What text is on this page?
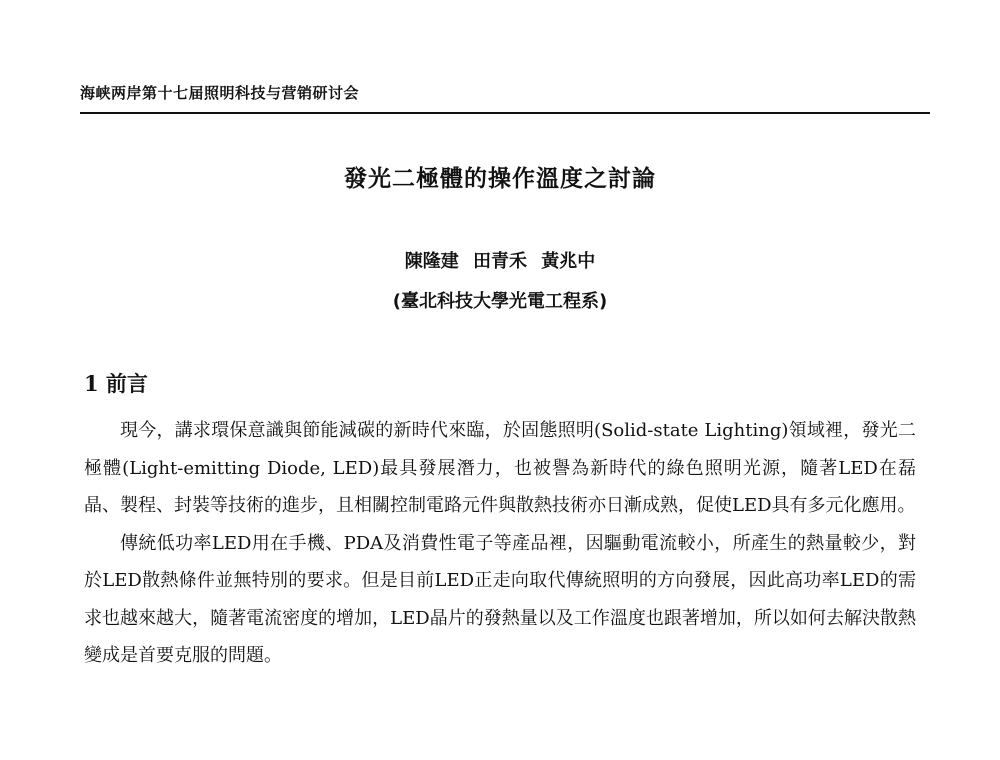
海峡两岸第十七届照明科技与营销研讨会
發光二極體的操作溫度之討論
陳隆建 田青禾 黃兆中
(臺北科技大學光電工程系)
1 前言

現今，講求環保意識與節能減碳的新時代來臨，於固態照明(Solid-state Lighting)領域裡，發光二極體(Light-emitting Diode, LED)最具發展潛力，也被譽為新時代的綠色照明光源，隨著LED在磊晶、製程、封裝等技術的進步，且相關控制電路元件與散熱技術亦日漸成熟，促使LED具有多元化應用。

傳統低功率LED用在手機、PDA及消費性電子等產品裡，因驅動電流較小，所產生的熱量較少，對於LED散熱條件並無特別的要求。但是目前LED正走向取代傳統照明的方向發展，因此高功率LED的需求也越來越大，隨著電流密度的增加，LED晶片的發熱量以及工作溫度也跟著增加，所以如何去解決散熱變成是首要克服的問題。
